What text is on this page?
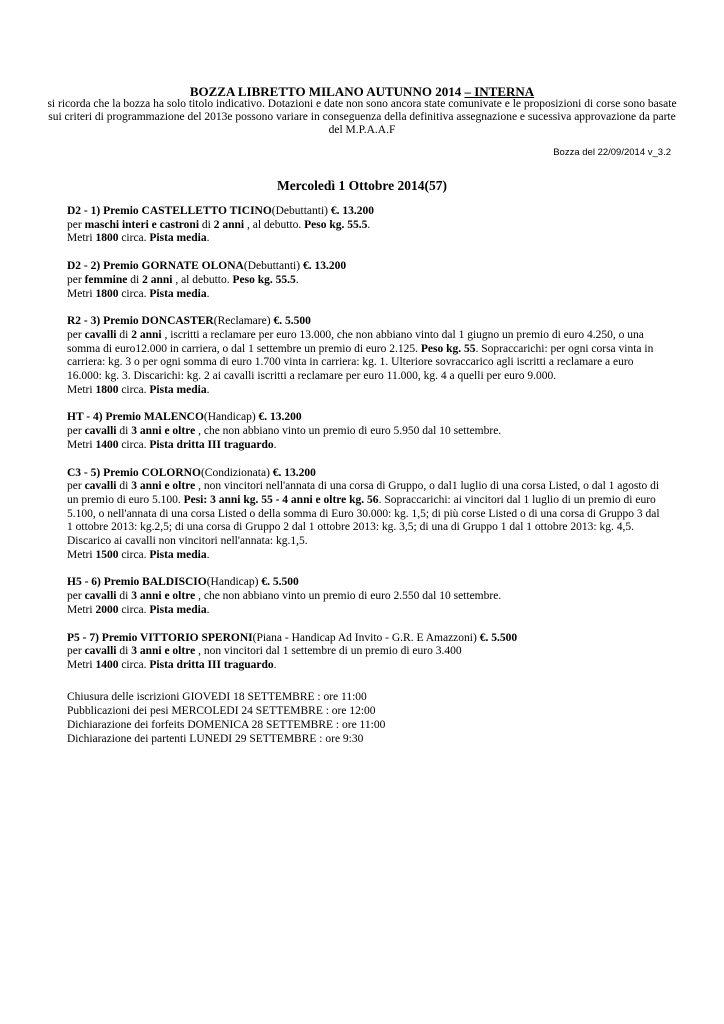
BOZZA LIBRETTO MILANO AUTUNNO 2014 – INTERNA
si ricorda che la bozza ha solo titolo indicativo. Dotazioni e date non sono ancora state comunivate e le proposizioni di corse sono basate sui criteri di programmazione del 2013e possono variare in conseguenza della definitiva assegnazione e sucessiva approvazione da parte del M.P.A.A.F
Bozza del 22/09/2014 v_3.2
Mercoledì 1 Ottobre 2014(57)

D2 - 1) Premio CASTELLETTO TICINO(Debuttanti) €. 13.200

per maschi interi e castroni di 2 anni , al debutto. Peso kg. 55.5.

Metri 1800 circa. Pista media.

D2 - 2) Premio GORNATE OLONA(Debuttanti) €. 13.200

per femmine di 2 anni , al debutto. Peso kg. 55.5.

Metri 1800 circa. Pista media.

R2 - 3) Premio DONCASTER(Reclamare) €. 5.500

per cavalli di 2 anni , iscritti a reclamare per euro 13.000, che non abbiano vinto dal 1 giugno un premio di euro 4.250, o una somma di euro12.000 in carriera, o dal 1 settembre un premio di euro 2.125. Peso kg. 55. Sopraccarichi: per ogni corsa vinta in carriera: kg. 3 o per ogni somma di euro 1.700 vinta in carriera: kg. 1. Ulteriore sovraccarico agli iscritti a reclamare a euro 16.000: kg. 3. Discarichi: kg. 2 ai cavalli iscritti a reclamare per euro 11.000, kg. 4 a quelli per euro 9.000.

Metri 1800 circa. Pista media.

HT - 4) Premio MALENCO(Handicap) €. 13.200

per cavalli di 3 anni e oltre , che non abbiano vinto un premio di euro 5.950 dal 10 settembre.

Metri 1400 circa. Pista dritta III traguardo.

C3 - 5) Premio COLORNO(Condizionata) €. 13.200

per cavalli di 3 anni e oltre , non vincitori nell'annata di una corsa di Gruppo, o dal1 luglio di una corsa Listed, o dal 1 agosto di un premio di euro 5.100. Pesi: 3 anni kg. 55 - 4 anni e oltre kg. 56. Sopraccarichi: ai vincitori dal 1 luglio di un premio di euro 5.100, o nell'annata di una corsa Listed o della somma di Euro 30.000: kg. 1,5; di più corse Listed o di una corsa di Gruppo 3 dal 1 ottobre 2013: kg.2,5; di una corsa di Gruppo 2 dal 1 ottobre 2013: kg. 3,5; di una di Gruppo 1 dal 1 ottobre 2013: kg. 4,5. Discarico ai cavalli non vincitori nell'annata: kg.1,5.

Metri 1500 circa. Pista media.

H5 - 6) Premio BALDISCIO(Handicap) €. 5.500

per cavalli di 3 anni e oltre , che non abbiano vinto un premio di euro 2.550 dal 10 settembre.

Metri 2000 circa. Pista media.

P5 - 7) Premio VITTORIO SPERONI(Piana - Handicap Ad Invito - G.R. E Amazzoni) €. 5.500

per cavalli di 3 anni e oltre , non vincitori dal 1 settembre di un premio di euro 3.400

Metri 1400 circa. Pista dritta III traguardo.

Chiusura delle iscrizioni GIOVEDI 18 SETTEMBRE : ore 11:00

Pubblicazioni dei pesi MERCOLEDI 24 SETTEMBRE : ore 12:00

Dichiarazione dei forfeits DOMENICA 28 SETTEMBRE : ore 11:00

Dichiarazione dei partenti LUNEDI 29 SETTEMBRE : ore 9:30
